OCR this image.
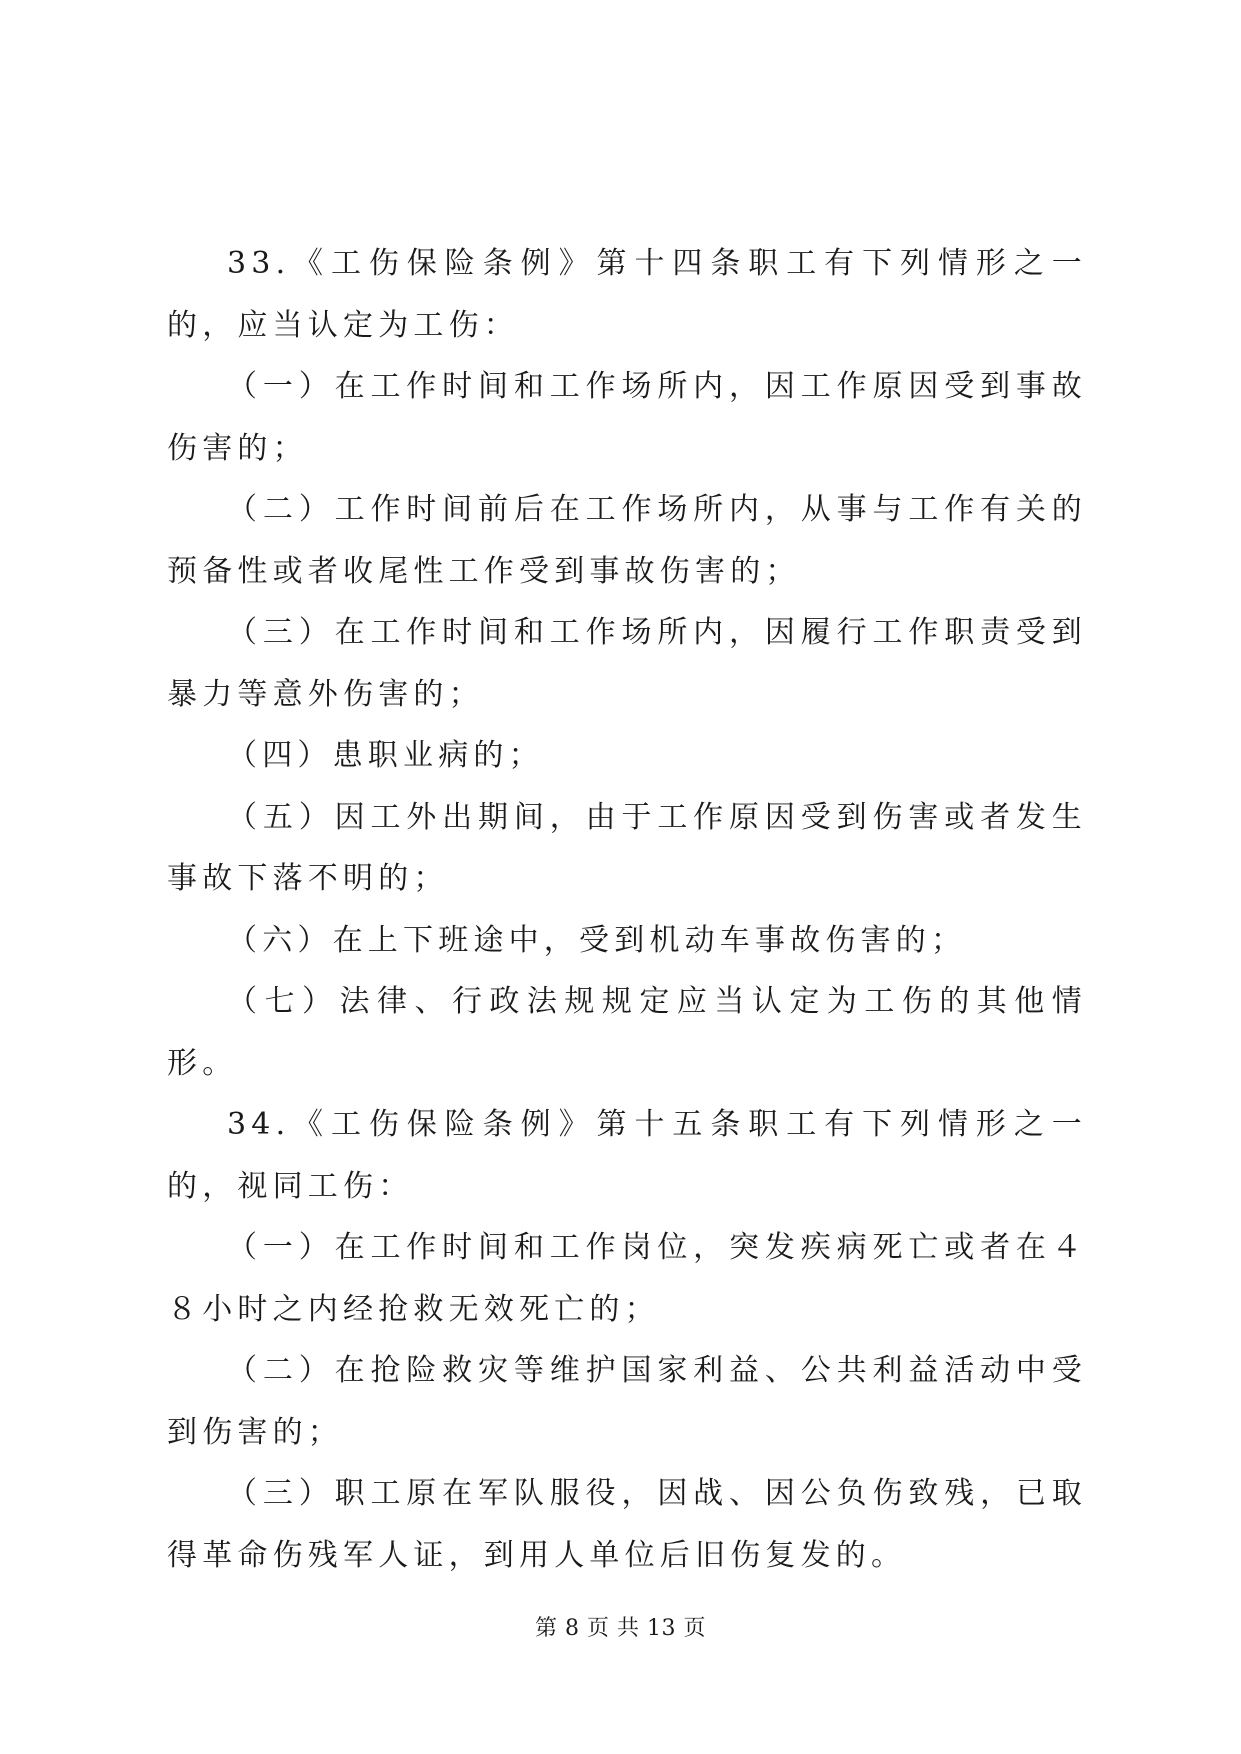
33.《工伤保险条例》第十四条职工有下列情形之一的，应当认定为工伤：

（一）在工作时间和工作场所内，因工作原因受到事故伤害的；

（二）工作时间前后在工作场所内，从事与工作有关的预备性或者收尾性工作受到事故伤害的；

（三）在工作时间和工作场所内，因履行工作职责受到暴力等意外伤害的；

（四）患职业病的；

（五）因工外出期间，由于工作原因受到伤害或者发生事故下落不明的；

（六）在上下班途中，受到机动车事故伤害的；

（七）法律、行政法规规定应当认定为工伤的其他情形。

34.《工伤保险条例》第十五条职工有下列情形之一的，视同工伤：

（一）在工作时间和工作岗位，突发疾病死亡或者在４８小时之内经抢救无效死亡的；

（二）在抢险救灾等维护国家利益、公共利益活动中受到伤害的；

（三）职工原在军队服役，因战、因公负伤致残，已取得革命伤残军人证，到用人单位后旧伤复发的。

第 8 页 共 13 页
